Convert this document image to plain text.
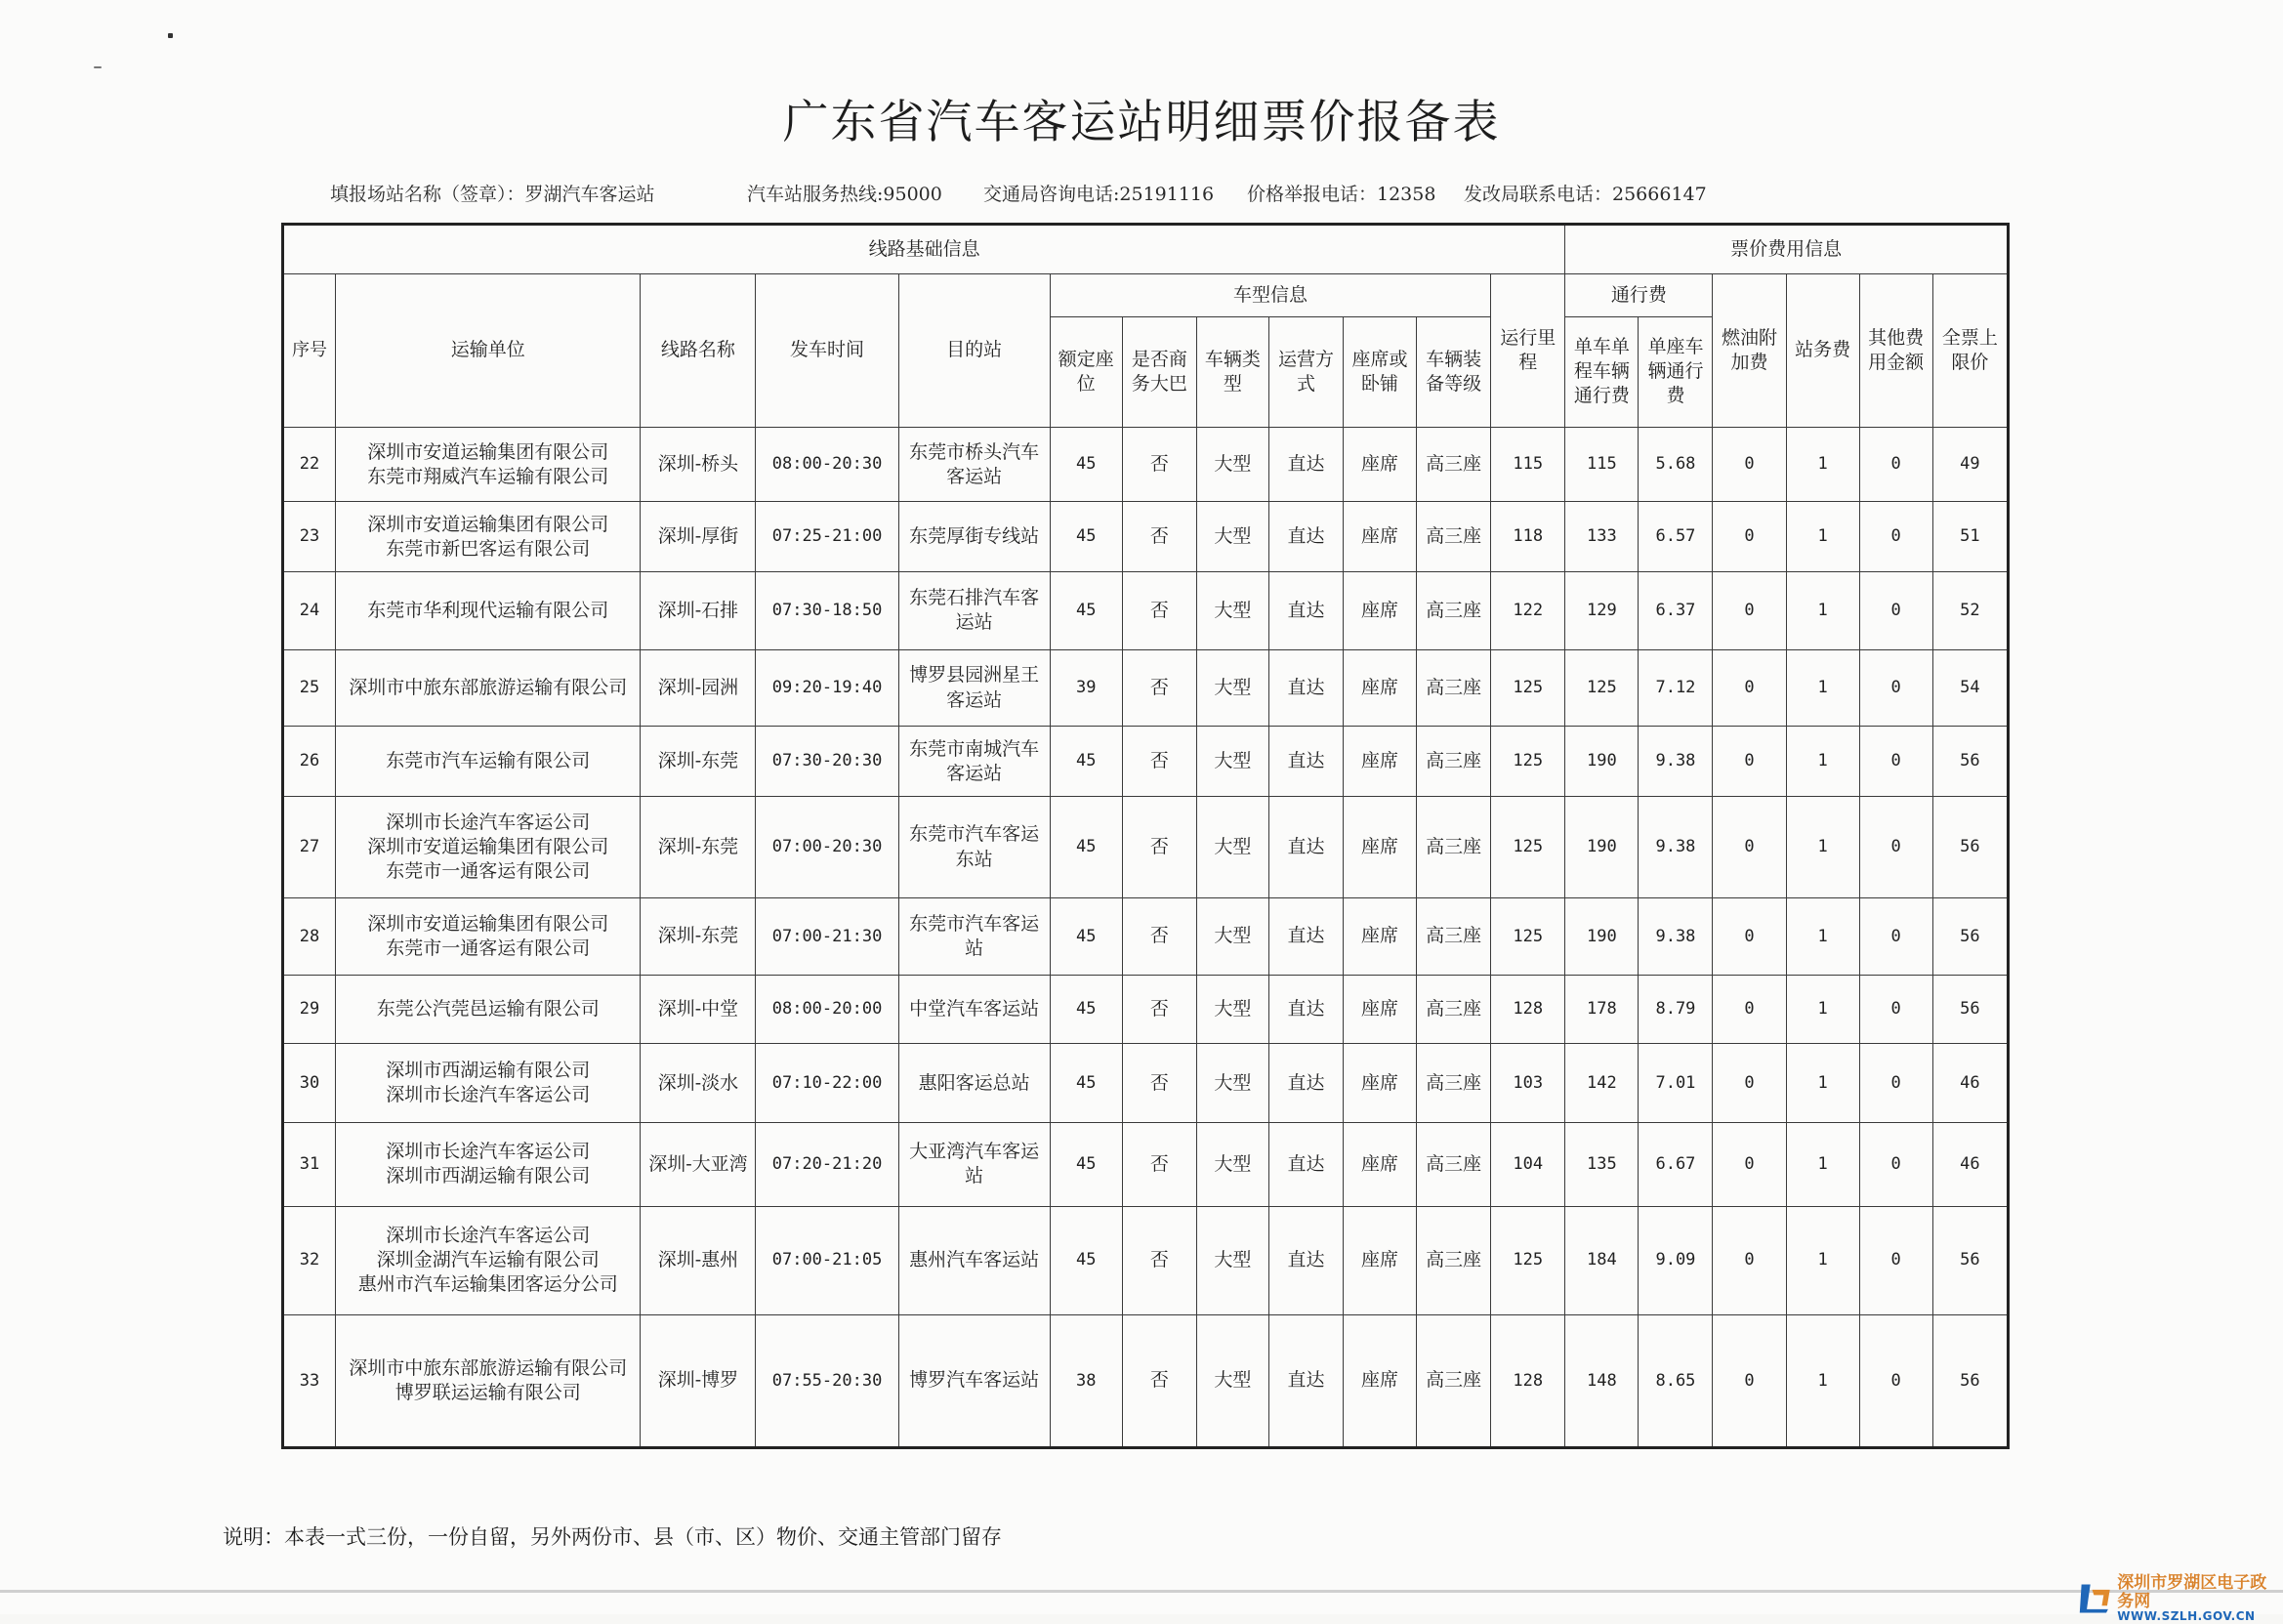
广东省汽车客运站明细票价报备表
填报场站名称（签章）：罗湖汽车客运站	汽车站服务热线:95000 交通局咨询电话:25191116 价格举报电话：12358 发改局联系电话：25666147
线路基础信息												票价费用信息					
序号	运输单位	线路名称	发车时间	目的站	车型信息						运行里程	通行费		燃油附加费	站务费	其他费用金额	全票上限价
					额定座位	是否商务大巴	车辆类型	运营方式	座席或卧铺	车辆装备等级		单车单程车辆通行费	单座车辆通行费				

22	深圳市安道运输集团有限公司
东莞市翔威汽车运输有限公司	深圳-桥头	08:00-20:30	东莞市桥头汽车客运站	45	否	大型	直达	座席	高三座	115	115	5.68	0	1	0	49
23	深圳市安道运输集团有限公司
东莞市新巴客运有限公司	深圳-厚街	07:25-21:00	东莞厚街专线站	45	否	大型	直达	座席	高三座	118	133	6.57	0	1	0	51
24	东莞市华利现代运输有限公司	深圳-石排	07:30-18:50	东莞石排汽车客运站	45	否	大型	直达	座席	高三座	122	129	6.37	0	1	0	52
25	深圳市中旅东部旅游运输有限公司	深圳-园洲	09:20-19:40	博罗县园洲星王客运站	39	否	大型	直达	座席	高三座	125	125	7.12	0	1	0	54
26	东莞市汽车运输有限公司	深圳-东莞	07:30-20:30	东莞市南城汽车客运站	45	否	大型	直达	座席	高三座	125	190	9.38	0	1	0	56
27	深圳市长途汽车客运公司
深圳市安道运输集团有限公司
东莞市一通客运有限公司	深圳-东莞	07:00-20:30	东莞市汽车客运东站	45	否	大型	直达	座席	高三座	125	190	9.38	0	1	0	56
28	深圳市安道运输集团有限公司
东莞市一通客运有限公司	深圳-东莞	07:00-21:30	东莞市汽车客运站	45	否	大型	直达	座席	高三座	125	190	9.38	0	1	0	56
29	东莞公汽莞邑运输有限公司	深圳-中堂	08:00-20:00	中堂汽车客运站	45	否	大型	直达	座席	高三座	128	178	8.79	0	1	0	56
30	深圳市西湖运输有限公司
深圳市长途汽车客运公司	深圳-淡水	07:10-22:00	惠阳客运总站	45	否	大型	直达	座席	高三座	103	142	7.01	0	1	0	46
31	深圳市长途汽车客运公司
深圳市西湖运输有限公司	深圳-大亚湾	07:20-21:20	大亚湾汽车客运站	45	否	大型	直达	座席	高三座	104	135	6.67	0	1	0	46
32	深圳市长途汽车客运公司
深圳金湖汽车运输有限公司
惠州市汽车运输集团客运分公司	深圳-惠州	07:00-21:05	惠州汽车客运站	45	否	大型	直达	座席	高三座	125	184	9.09	0	1	0	56
33	深圳市中旅东部旅游运输有限公司
博罗联运运输有限公司	深圳-博罗	07:55-20:30	博罗汽车客运站	38	否	大型	直达	座席	高三座	128	148	8.65	0	1	0	56
说明：本表一式三份，一份自留，另外两份市、县（市、区）物价、交通主管部门留存
深圳市罗湖区电子政务网
WWW.SZLH.GOV.CN
